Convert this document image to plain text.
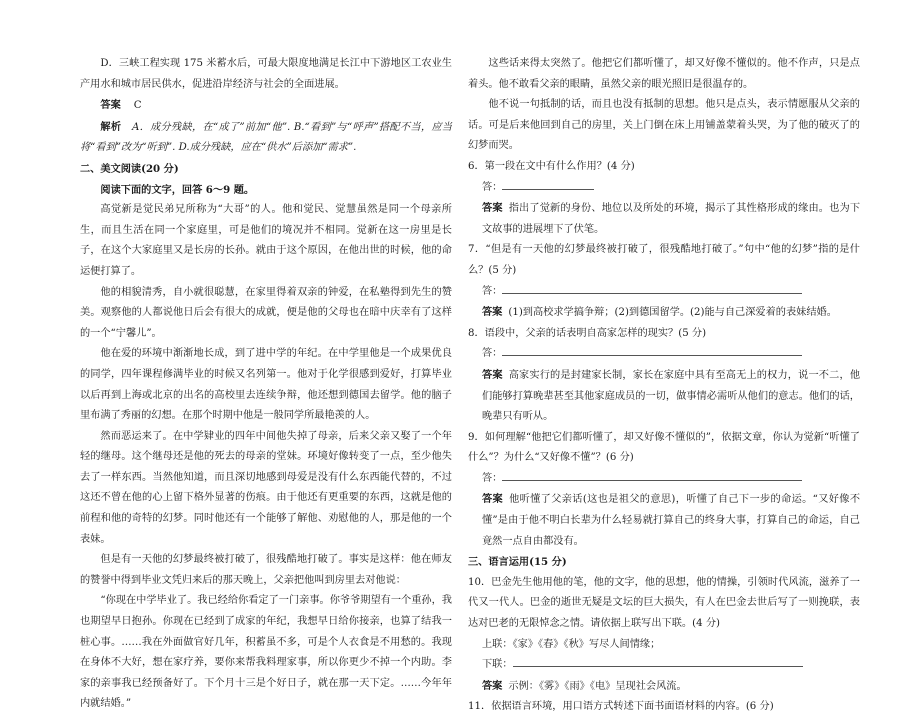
D．三峡工程实现 175 米蓄水后，可最大限度地满足长江中下游地区工农业生产用水和城市居民供水，促进沿岸经济与社会的全面进展。

答案 C

解析 A．成分残缺，在“成了”前加“他”. B.“看到”与“呼声”搭配不当，应当将“看到”改为“听到”. D.成分残缺，应在“供水”后添加“需求”.

二、美文阅读(20 分)

阅读下面的文字，回答 6～9 题。

高觉新是觉民弟兄所称为“大哥”的人。他和觉民、觉慧虽然是同一个母亲所生，而且生活在同一个家庭里，可是他们的境况并不相同。觉新在这一房里是长子，在这个大家庭里又是长房的长孙。就由于这个原因，在他出世的时候，他的命运便打算了。

他的相貌清秀，自小就很聪慧，在家里得着双亲的钟爱，在私塾得到先生的赞美。观察他的人都说他日后会有很大的成就，便是他的父母也在暗中庆幸有了这样的一个“宁馨儿”。

他在爱的环境中渐渐地长成，到了进中学的年纪。在中学里他是一个成果优良的同学，四年课程修满毕业的时候又名列第一。他对于化学很感到爱好，打算毕业以后再到上海或北京的出名的高校里去连续争辩，他还想到德国去留学。他的脑子里布满了秀丽的幻想。在那个时期中他是一般同学所最艳羡的人。

然而恶运来了。在中学肄业的四年中间他失掉了母亲，后来父亲又娶了一个年轻的继母。这个继母还是他的死去的母亲的堂妹。环境好像转变了一点，至少他失去了一样东西。当然他知道，而且深切地感到母爱是没有什么东西能代替的，不过这还不曾在他的心上留下格外显著的伤痕。由于他还有更重要的东西，这就是他的前程和他的奇特的幻梦。同时他还有一个能够了解他、劝慰他的人，那是他的一个表妹。

但是有一天他的幻梦最终被打破了，很残酷地打破了。事实是这样：他在师友的赞誉中得到毕业文凭归来后的那天晚上，父亲把他叫到房里去对他说：

“你现在中学毕业了。我已经给你看定了一门亲事。你爷爷期望有一个重孙，我也期望早日抱孙。你现在已经到了成家的年纪，我想早日给你接亲，也算了结我一桩心事。……我在外面做官好几年，积蓄虽不多，可是个人衣食是不用愁的。我现在身体不大好，想在家疗养，要你来帮我料理家事，所以你更少不掉一个内助。李家的亲事我已经预备好了。下个月十三是个好日子，就在那一天下定。……今年年内就结婚。”

这些话来得太突然了。他把它们都听懂了，却又好像不懂似的。他不作声，只是点着头。他不敢看父亲的眼睛，虽然父亲的眼光照旧是很温存的。

他不说一句抵制的话，而且也没有抵制的思想。他只是点头，表示情愿服从父亲的话。可是后来他回到自己的房里，关上门倒在床上用铺盖蒙着头哭，为了他的破灭了的幻梦而哭。

6．第一段在文中有什么作用？(4 分)

答：

答案 指出了觉新的身份、地位以及所处的环境，揭示了其性格形成的缘由。也为下文故事的进展埋下了伏笔。

7．“但是有一天他的幻梦最终被打破了，很残酷地打破了。”句中“他的幻梦”指的是什么？(5 分)

答：

答案 (1)到高校求学搞争辩；(2)到德国留学。(2)能与自己深爱着的表妹结婚。

8．语段中，父亲的话表明自高家怎样的现实？(5 分)

答：

答案 高家实行的是封建家长制，家长在家庭中具有至高无上的权力，说一不二，他们能够打算晚辈甚至其他家庭成员的一切，做事情必需听从他们的意志。他们的话，晚辈只有听从。

9．如何理解“他把它们都听懂了，却又好像不懂似的”，依据文章，你认为觉新“听懂了什么”？为什么“又好像不懂”？(6 分)

答：

答案 他听懂了父亲话(这也是祖父的意思)，听懂了自己下一步的命运。“又好像不懂”是由于他不明白长辈为什么轻易就打算自己的终身大事，打算自己的命运，自己竟然一点自由都没有。

三、语言运用(15 分)

10．巴金先生他用他的笔，他的文字，他的思想，他的情操，引领时代风流，滋养了一代又一代人。巴金的逝世无疑是文坛的巨大损失，有人在巴金去世后写了一则挽联，表达对巴老的无限悼念之情。请依据上联写出下联。(4 分)

上联：《家》《春》《秋》写尽人间情缘；

下联：

答案 示例：《雾》《雨》《电》呈现社会风流。

11．依据语言环境，用口语方式转述下面书面语材料的内容。(6 分)
